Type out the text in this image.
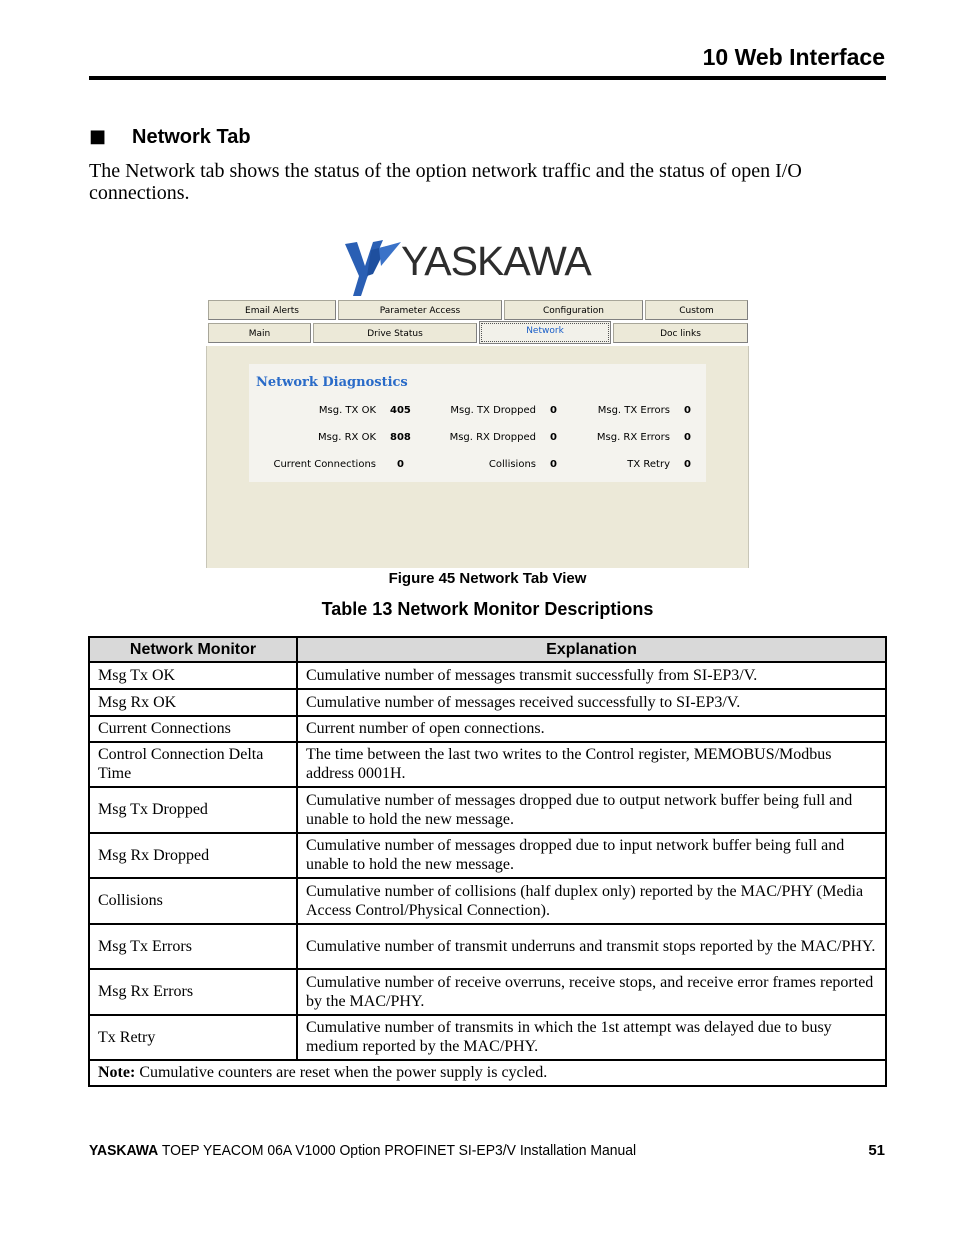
10 Web Interface
■ Network Tab
The Network tab shows the status of the option network traffic and the status of open I/O connections.
YASKAWA
Email Alerts	Parameter Access	Configuration	Custom
Main	Drive Status	Network	Doc links
Network Diagnostics
Msg. TX OK 405	Msg. TX Dropped 0	Msg. TX Errors 0
Msg. RX OK 808	Msg. RX Dropped 0	Msg. RX Errors 0
Current Connections 0	Collisions 0	TX Retry 0
Figure 45 Network Tab View
Table 13 Network Monitor Descriptions
Network Monitor	Explanation
Msg Tx OK	Cumulative number of messages transmit successfully from SI-EP3/V.
Msg Rx OK	Cumulative number of messages received successfully to SI-EP3/V.
Current Connections	Current number of open connections.
Control Connection Delta Time	The time between the last two writes to the Control register, MEMOBUS/Modbus address 0001H.
Msg Tx Dropped	Cumulative number of messages dropped due to output network buffer being full and unable to hold the new message.
Msg Rx Dropped	Cumulative number of messages dropped due to input network buffer being full and unable to hold the new message.
Collisions	Cumulative number of collisions (half duplex only) reported by the MAC/PHY (Media Access Control/Physical Connection).
Msg Tx Errors	Cumulative number of transmit underruns and transmit stops reported by the MAC/PHY.
Msg Rx Errors	Cumulative number of receive overruns, receive stops, and receive error frames reported by the MAC/PHY.
Tx Retry	Cumulative number of transmits in which the 1st attempt was delayed due to busy medium reported by the MAC/PHY.
Note: Cumulative counters are reset when the power supply is cycled.	
YASKAWA TOEP YEACOM 06A V1000 Option PROFINET SI-EP3/V Installation Manual	51
